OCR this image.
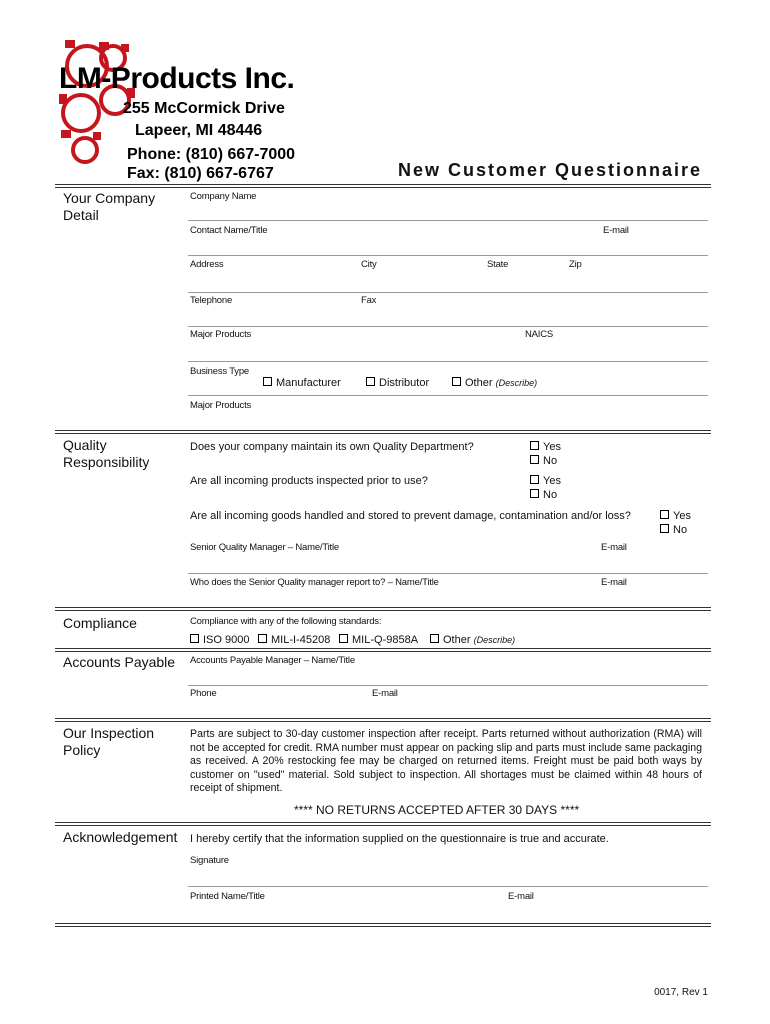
LM-Products Inc.
255 McCormick Drive
Lapeer, MI 48446
Phone: (810) 667-7000
Fax: (810) 667-6767	New Customer Questionnaire
Your Company Detail
Company Name
Contact Name/Title	E-mail
Address	City	State	Zip
Telephone	Fax
Major Products	NAICS
Business Type
Manufacturer	Distributor	Other (Describe)
Major Products
Quality Responsibility
Does your company maintain its own Quality Department?	Yes
No
Are all incoming products inspected prior to use?	Yes
No
Are all incoming goods handled and stored to prevent damage, contamination and/or loss?	Yes
No
Senior Quality Manager – Name/Title	E-mail
Who does the Senior Quality manager report to? – Name/Title	E-mail
Compliance	Compliance with any of the following standards:
ISO 9000	MIL-I-45208	MIL-Q-9858A	Other (Describe)
Accounts Payable	Accounts Payable Manager – Name/Title
Phone	E-mail
Our Inspection Policy
Parts are subject to 30-day customer inspection after receipt. Parts returned without authorization (RMA) will not be accepted for credit. RMA number must appear on packing slip and parts must include same packaging as received. A 20% restocking fee may be charged on returned items. Freight must be paid both ways by customer on "used" material. Sold subject to inspection. All shortages must be claimed within 48 hours of receipt of shipment.
**** NO RETURNS ACCEPTED AFTER 30 DAYS ****
Acknowledgement I hereby certify that the information supplied on the questionnaire is true and accurate.
Signature
Printed Name/Title	E-mail
0017, Rev 1
